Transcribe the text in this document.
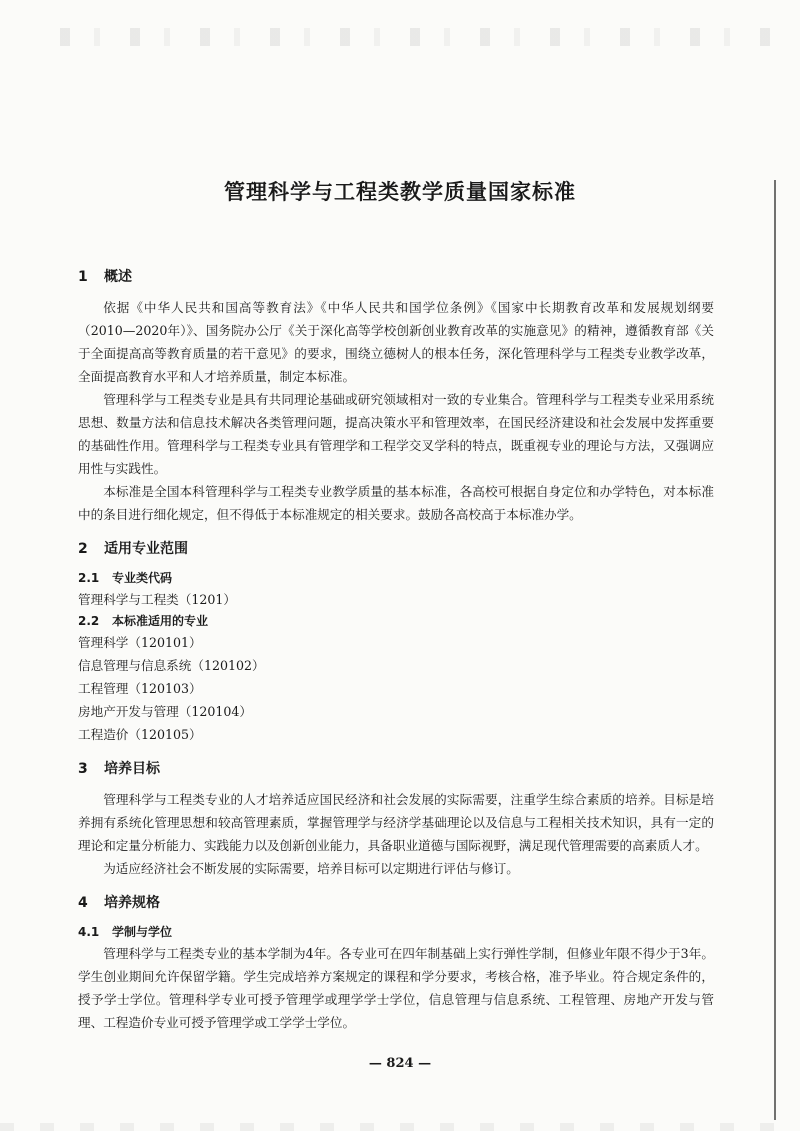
管理科学与工程类教学质量国家标准
1 概述

依据《中华人民共和国高等教育法》《中华人民共和国学位条例》《国家中长期教育改革和发展规划纲要（2010—2020年）》、国务院办公厅《关于深化高等学校创新创业教育改革的实施意见》的精神，遵循教育部《关于全面提高高等教育质量的若干意见》的要求，围绕立德树人的根本任务，深化管理科学与工程类专业教学改革，全面提高教育水平和人才培养质量，制定本标准。

管理科学与工程类专业是具有共同理论基础或研究领域相对一致的专业集合。管理科学与工程类专业采用系统思想、数量方法和信息技术解决各类管理问题，提高决策水平和管理效率，在国民经济建设和社会发展中发挥重要的基础性作用。管理科学与工程类专业具有管理学和工程学交叉学科的特点，既重视专业的理论与方法，又强调应用性与实践性。

本标准是全国本科管理科学与工程类专业教学质量的基本标准，各高校可根据自身定位和办学特色，对本标准中的条目进行细化规定，但不得低于本标准规定的相关要求。鼓励各高校高于本标准办学。

2 适用专业范围
2.1 专业类代码
管理科学与工程类（1201）
2.2 本标准适用的专业
管理科学（120101）
信息管理与信息系统（120102）
工程管理（120103）
房地产开发与管理（120104）
工程造价（120105）
3 培养目标

管理科学与工程类专业的人才培养适应国民经济和社会发展的实际需要，注重学生综合素质的培养。目标是培养拥有系统化管理思想和较高管理素质，掌握管理学与经济学基础理论以及信息与工程相关技术知识，具有一定的理论和定量分析能力、实践能力以及创新创业能力，具备职业道德与国际视野，满足现代管理需要的高素质人才。

为适应经济社会不断发展的实际需要，培养目标可以定期进行评估与修订。

4 培养规格
4.1 学制与学位

管理科学与工程类专业的基本学制为4年。各专业可在四年制基础上实行弹性学制，但修业年限不得少于3年。学生创业期间允许保留学籍。学生完成培养方案规定的课程和学分要求，考核合格，准予毕业。符合规定条件的，授予学士学位。管理科学专业可授予管理学或理学学士学位，信息管理与信息系统、工程管理、房地产开发与管理、工程造价专业可授予管理学或工学学士学位。

— 824 —
